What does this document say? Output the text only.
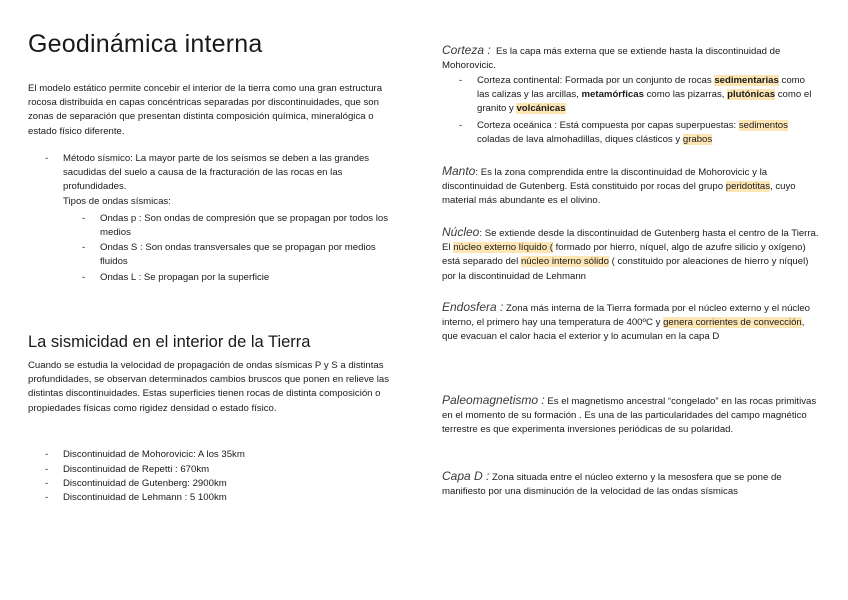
Geodinámica interna

El modelo estático permite concebir el interior de la tierra como una gran estructura rocosa distribuida en capas concéntricas separadas por discontinuidades, que son zonas de separación que presentan distinta composición química, mineralógica o estado físico diferente.

- Método sísmico: La mayor parte de los seísmos se deben a las grandes sacudidas del suelo a causa de la fracturación de las rocas en las profundidades.

Tipos de ondas sísmicas:

- Ondas p : Son ondas de compresión que se propagan por todos los medios

- Ondas S : Son ondas transversales que se propagan por medios fluidos

- Ondas L : Se propagan por la superficie

La sismicidad en el interior de la Tierra

Cuando se estudia la velocidad de propagación de ondas sísmicas P y S a distintas profundidades, se observan determinados cambios bruscos que ponen en relieve las distintas discontinuidades. Estas superficies tienen rocas de distinta composición o propiedades físicas como rigidez densidad o estado físico.

- Discontinuidad de Mohorovicic: A los 35km

- Discontinuidad de Repetti : 670km

- Discontinuidad de Gutenberg: 2900km

- Discontinuidad de Lehmann : 5 100km

Corteza : Es la capa más externa que se extiende hasta la discontinuidad de Mohorovicic.

- Corteza continental: Formada por un conjunto de rocas sedimentarias como las calizas y las arcillas, metamórficas como las pizarras, plutónicas como el granito y volcánicas

- Corteza oceánica : Está compuesta por capas superpuestas: sedimentos coladas de lava almohadillas, diques clásticos y grabos

Manto: Es la zona comprendida entre la discontinuidad de Mohorovicic y la discontinuidad de Gutenberg. Está constituido por rocas del grupo peridotitas, cuyo material más abundante es el olivino.

Núcleo: Se extiende desde la discontinuidad de Gutenberg hasta el centro de la Tierra. El núcleo externo líquido ( formado por hierro, níquel, algo de azufre silicio y oxígeno) está separado del núcleo interno sólido ( constituido por aleaciones de hierro y níquel) por la discontinuidad de Lehmann

Endosfera : Zona más interna de la Tierra formada por el núcleo externo y el núcleo interno, el primero hay una temperatura de 400ºC y genera corrientes de convección, que evacuan el calor hacia el exterior y lo acumulan en la capa D

Paleomagnetismo : Es el magnetismo ancestral “congelado” en las rocas primitivas en el momento de su formación . Es una de las particularidades del campo magnético terrestre es que experimenta inversiones periódicas de su polaridad.

Capa D : Zona situada entre el núcleo externo y la mesosfera que se pone de manifiesto por una disminución de la velocidad de las ondas sísmicas
